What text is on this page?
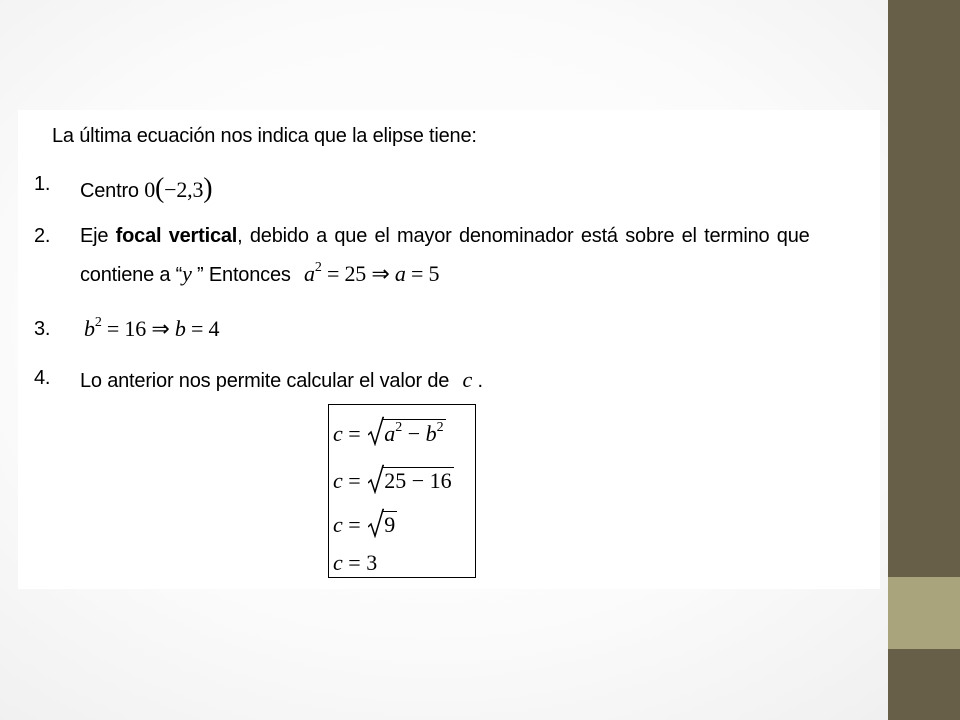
La última ecuación nos indica que la elipse tiene:
1. Centro 0(−2,3)
2. Eje focal vertical, debido a que el mayor denominador está sobre el termino que
contiene a “y ” Entonces $a^2 = 25$ ⇒ a = 5
3. $b^2 = 16$ ⇒ b = 4
4. Lo anterior nos permite calcular el valor de c .
c =
$a^2 - b^2$
c =
25 − 16
c =
9
c = 3
